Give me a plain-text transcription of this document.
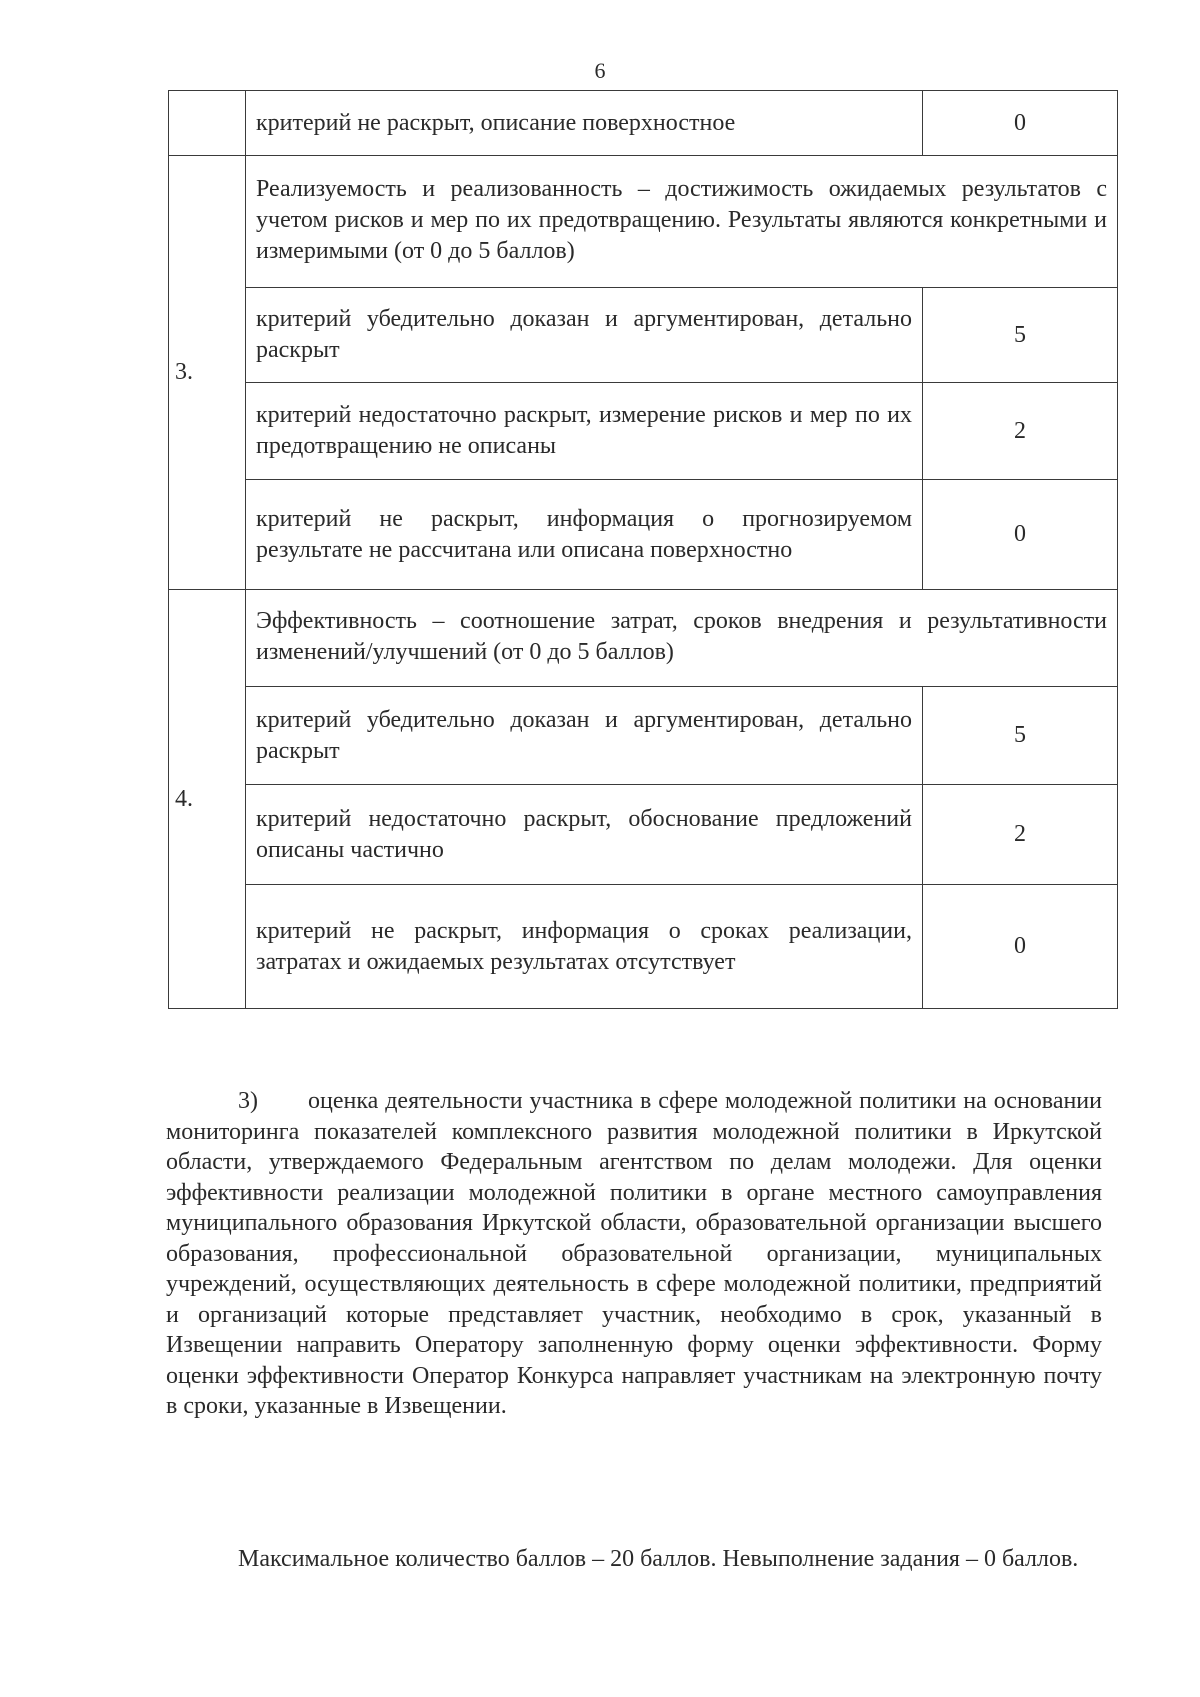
6
	критерий не раскрыт, описание поверхностное	0
3.	Реализуемость и реализованность – достижимость ожидаемых результатов с учетом рисков и мер по их предотвращению. Результаты являются конкретными и измеримыми (от 0 до 5 баллов)	
	критерий убедительно доказан и аргументирован, детально раскрыт	5
	критерий недостаточно раскрыт, измерение рисков и мер по их предотвращению не описаны	2
	критерий не раскрыт, информация о прогнозируемом результате не рассчитана или описана поверхностно	0
4.	Эффективность – соотношение затрат, сроков внедрения и результативности изменений/улучшений (от 0 до 5 баллов)	
	критерий убедительно доказан и аргументирован, детально раскрыт	5
	критерий недостаточно раскрыт, обоснование предложений описаны частично	2
	критерий не раскрыт, информация о сроках реализации, затратах и ожидаемых результатах отсутствует	0
3) оценка деятельности участника в сфере молодежной политики на основании мониторинга показателей комплексного развития молодежной политики в Иркутской области, утверждаемого Федеральным агентством по делам молодежи. Для оценки эффективности реализации молодежной политики в органе местного самоуправления муниципального образования Иркутской области, образовательной организации высшего образования, профессиональной образовательной организации, муниципальных учреждений, осуществляющих деятельность в сфере молодежной политики, предприятий и организаций которые представляет участник, необходимо в срок, указанный в Извещении направить Оператору заполненную форму оценки эффективности. Форму оценки эффективности Оператор Конкурса направляет участникам на электронную почту в сроки, указанные в Извещении.
Максимальное количество баллов – 20 баллов. Невыполнение задания – 0 баллов.
